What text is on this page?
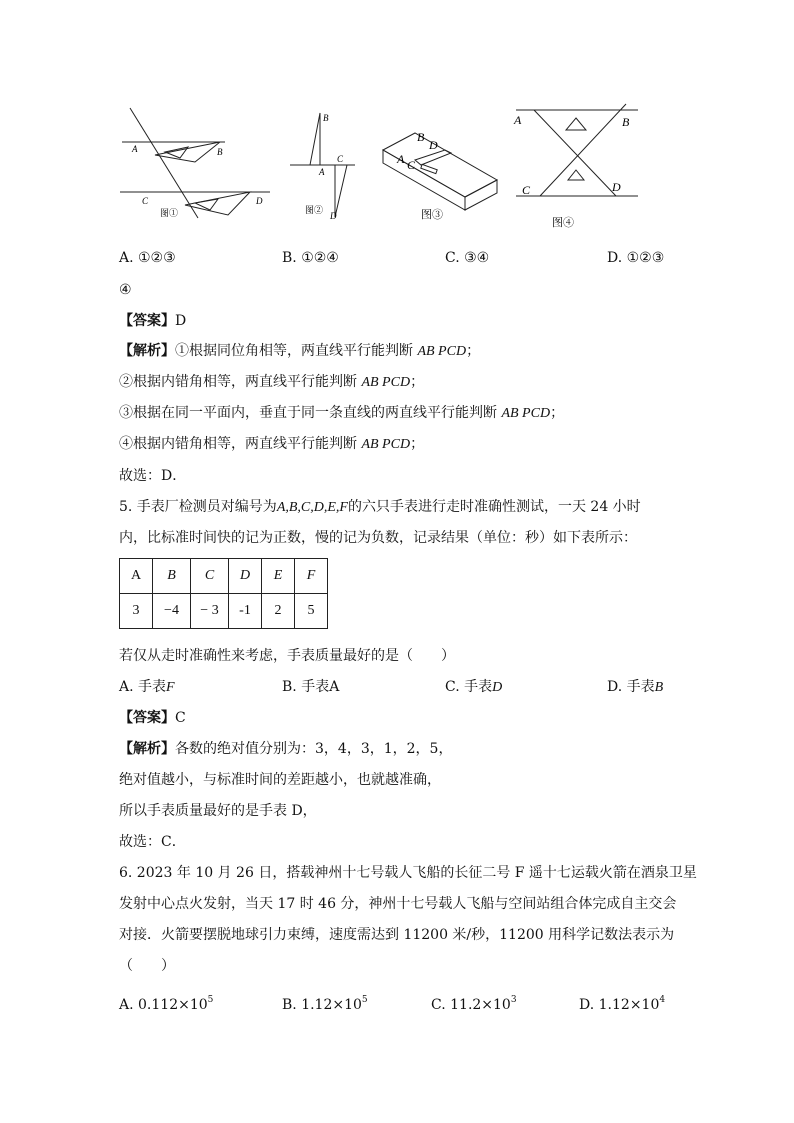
A	B
C	D
图①
B
A
C
D
图②
B
D
A C
图③
A	B
C	D
图④
A. ①②③	B. ①②④	C. ③④	D. ①②③
④
【答案】D
【解析】①根据同位角相等，两直线平行能判断 AB PCD；
②根据内错角相等，两直线平行能判断 AB PCD；
③根据在同一平面内，垂直于同一条直线的两直线平行能判断 AB PCD；
④根据内错角相等，两直线平行能判断 AB PCD；
故选：D．
5. 手表厂检测员对编号为A,B,C,D,E,F的六只手表进行走时准确性测试，一天 24 小时
内，比标准时间快的记为正数，慢的记为负数，记录结果（单位：秒）如下表所示：
A	B	C	D	E	F
3	−4	− 3	-1	2	5
若仅从走时准确性来考虑，手表质量最好的是（　　）
A. 手表F	B. 手表A	C. 手表D	D. 手表B
【答案】C
【解析】各数的绝对值分别为：3，4，3，1，2，5，
绝对值越小，与标准时间的差距越小，也就越准确，
所以手表质量最好的是手表 D，
故选：C．
6. 2023 年 10 月 26 日，搭载神州十七号载人飞船的长征二号 F 遥十七运载火箭在酒泉卫星
发射中心点火发射，当天 17 时 46 分，神州十七号载人飞船与空间站组合体完成自主交会
对接．火箭要摆脱地球引力束缚，速度需达到 11200 米/秒，11200 用科学记数法表示为
（　　）
A. $0.112\times 10^5$	B. $1.12\times 10^5$	C. $11.2\times 10^3$	D. $1.12\times 10^4$
